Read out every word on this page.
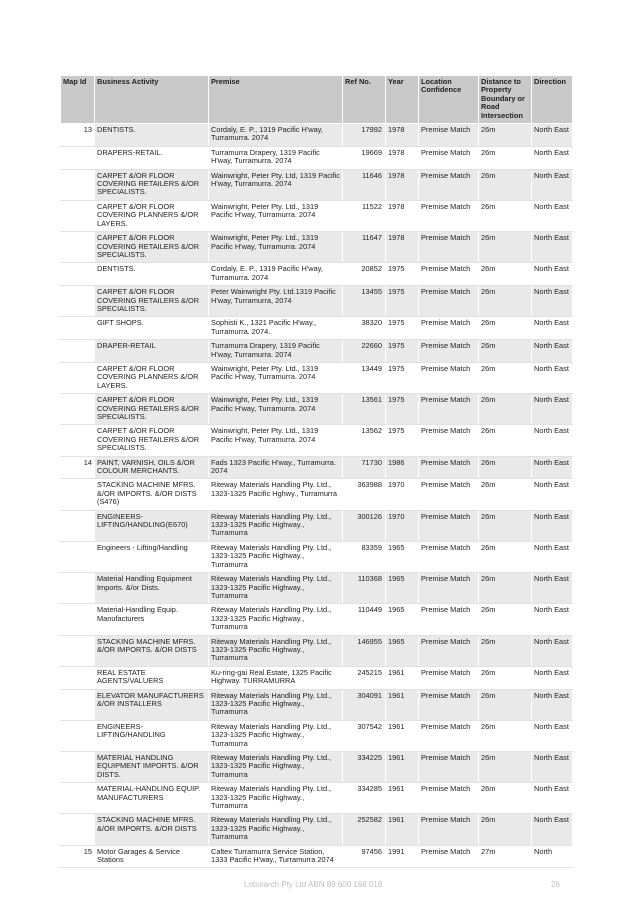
Map Id	Business Activity	Premise	Ref No.	Year	Location Confidence	Distance to Property Boundary or Road Intersection	Direction
13	DENTISTS.	Cordaly, E. P., 1319 Pacific H'way, Turramurra. 2074	17992	1978	Premise Match	26m	North East
	DRAPERS-RETAIL.	Turramurra Drapery, 1319 Pacific H'way, Turramurra. 2074	19669	1978	Premise Match	26m	North East
	CARPET &/OR FLOOR COVERING RETAILERS &/OR SPECIALISTS.	Wainwright, Peter Pty. Ltd, 1319 Pacific H'way, Turramurra. 2074	11646	1978	Premise Match	26m	North East
	CARPET &/OR FLOOR COVERING PLANNERS &/OR LAYERS.	Wainwright, Peter Pty. Ltd., 1319 Pacific H'way, Turramurra. 2074	11522	1978	Premise Match	26m	North East
	CARPET &/OR FLOOR COVERING RETAILERS &/OR SPECIALISTS.	Wainwright, Peter Pty. Ltd., 1319 Pacific H'way, Turramurra. 2074	11647	1978	Premise Match	26m	North East
	DENTISTS.	Cordaly, E. P., 1319 Pacific H'way, Turramurra. 2074	20852	1975	Premise Match	26m	North East
	CARPET &/OR FLOOR COVERING RETAILERS &/OR SPECIALISTS.	Peter Wainwright Pty. Ltd.1319 Pacific H'way, Turramurra, 2074	13455	1975	Premise Match	26m	North East
	GIFT SHOPS.	Sophisti K., 1321 Pacific H'way., Turramurra. 2074.	38320	1975	Premise Match	26m	North East
	DRAPER-RETAIL	Turramurra Drapery, 1319 Pacific H'way, Turramurra. 2074	22660	1975	Premise Match	26m	North East
	CARPET &/OR FLOOR COVERING PLANNERS &/OR LAYERS.	Wainwright, Peter Pty. Ltd., 1319 Pacific H'way, Turramurra. 2074	13449	1975	Premise Match	26m	North East
	CARPET &/OR FLOOR COVERING RETAILERS &/OR SPECIALISTS.	Wainwright, Peter Pty. Ltd., 1319 Pacific H'way, Turramurra. 2074	13561	1975	Premise Match	26m	North East
	CARPET &/OR FLOOR COVERING RETAILERS &/OR SPECIALISTS.	Wainwright, Peter Pty. Ltd., 1319 Pacific H'way, Turramurra. 2074	13562	1975	Premise Match	26m	North East
14	PAINT, VARNISH, OILS &/OR COLOUR MERCHANTS.	Fads 1323 Pacific H'way., Turramurra. 2074	71730	1986	Premise Match	26m	North East
	STACKING MACHINE MFRS. &/OR IMPORTS. &/OR DISTS (S476)	Riteway Materials Handling Pty. Ltd., 1323-1325 Pacific Hghwy., Turramurra	363988	1970	Premise Match	26m	North East
	ENGINEERS-LIFTING/HANDLING(E670)	Riteway Materials Handling Pty. Ltd., 1323-1325 Pacific Highway., Turramurra	300126	1970	Premise Match	26m	North East
	Engineers - Lifting/Handling	Riteway Materials Handling Pty. Ltd., 1323-1325 Pacific Highway., Turramurra	83359	1965	Premise Match	26m	North East
	Material Handling Equipment Imports. &/or Dists.	Riteway Materials Handling Pty. Ltd., 1323-1325 Pacific Highway., Turramurra	110368	1965	Premise Match	26m	North East
	Material-Handling Equip. Manufacturers	Riteway Materials Handling Pty. Ltd., 1323-1325 Pacific Highway., Turramurra	110449	1965	Premise Match	26m	North East
	STACKING MACHINE MFRS. &/OR IMPORTS. &/OR DISTS	Riteway Materials Handling Pty. Ltd., 1323-1325 Pacific Highway., Turramurra	146955	1965	Premise Match	26m	North East
	REAL ESTATE AGENTS/VALUERS	Ku-ring-gai Real Estate, 1325 Pacific Highway. TURRAMURRA	245215	1961	Premise Match	26m	North East
	ELEVATOR MANUFACTURERS &/OR INSTALLERS	Riteway Materials Handling Pty. Ltd., 1323-1325 Pacific Highway., Turramurra	304091	1961	Premise Match	26m	North East
	ENGINEERS-LIFTING/HANDLING	Riteway Materials Handling Pty. Ltd., 1323-1325 Pacific Highway., Turramurra	307542	1961	Premise Match	26m	North East
	MATERIAL HANDLING EQUIPMENT IMPORTS. &/OR DISTS.	Riteway Materials Handling Pty. Ltd., 1323-1325 Pacific Highway., Turramurra	334225	1961	Premise Match	26m	North East
	MATERIAL-HANDLING EQUIP. MANUFACTURERS	Riteway Materials Handling Pty. Ltd., 1323-1325 Pacific Highway., Turramurra	334285	1961	Premise Match	26m	North East
	STACKING MACHINE MFRS. &/OR IMPORTS. &/OR DISTS	Riteway Materials Handling Pty. Ltd., 1323-1325 Pacific Highway., Turramurra	252582	1961	Premise Match	26m	North East
15	Motor Garages & Service Stations	Caltex Turramurra Service Station, 1333 Pacific H'way., Turramurra 2074	97456	1991	Premise Match	27m	North
Lotsearch Pty Ltd ABN 89 600 168 018	26
